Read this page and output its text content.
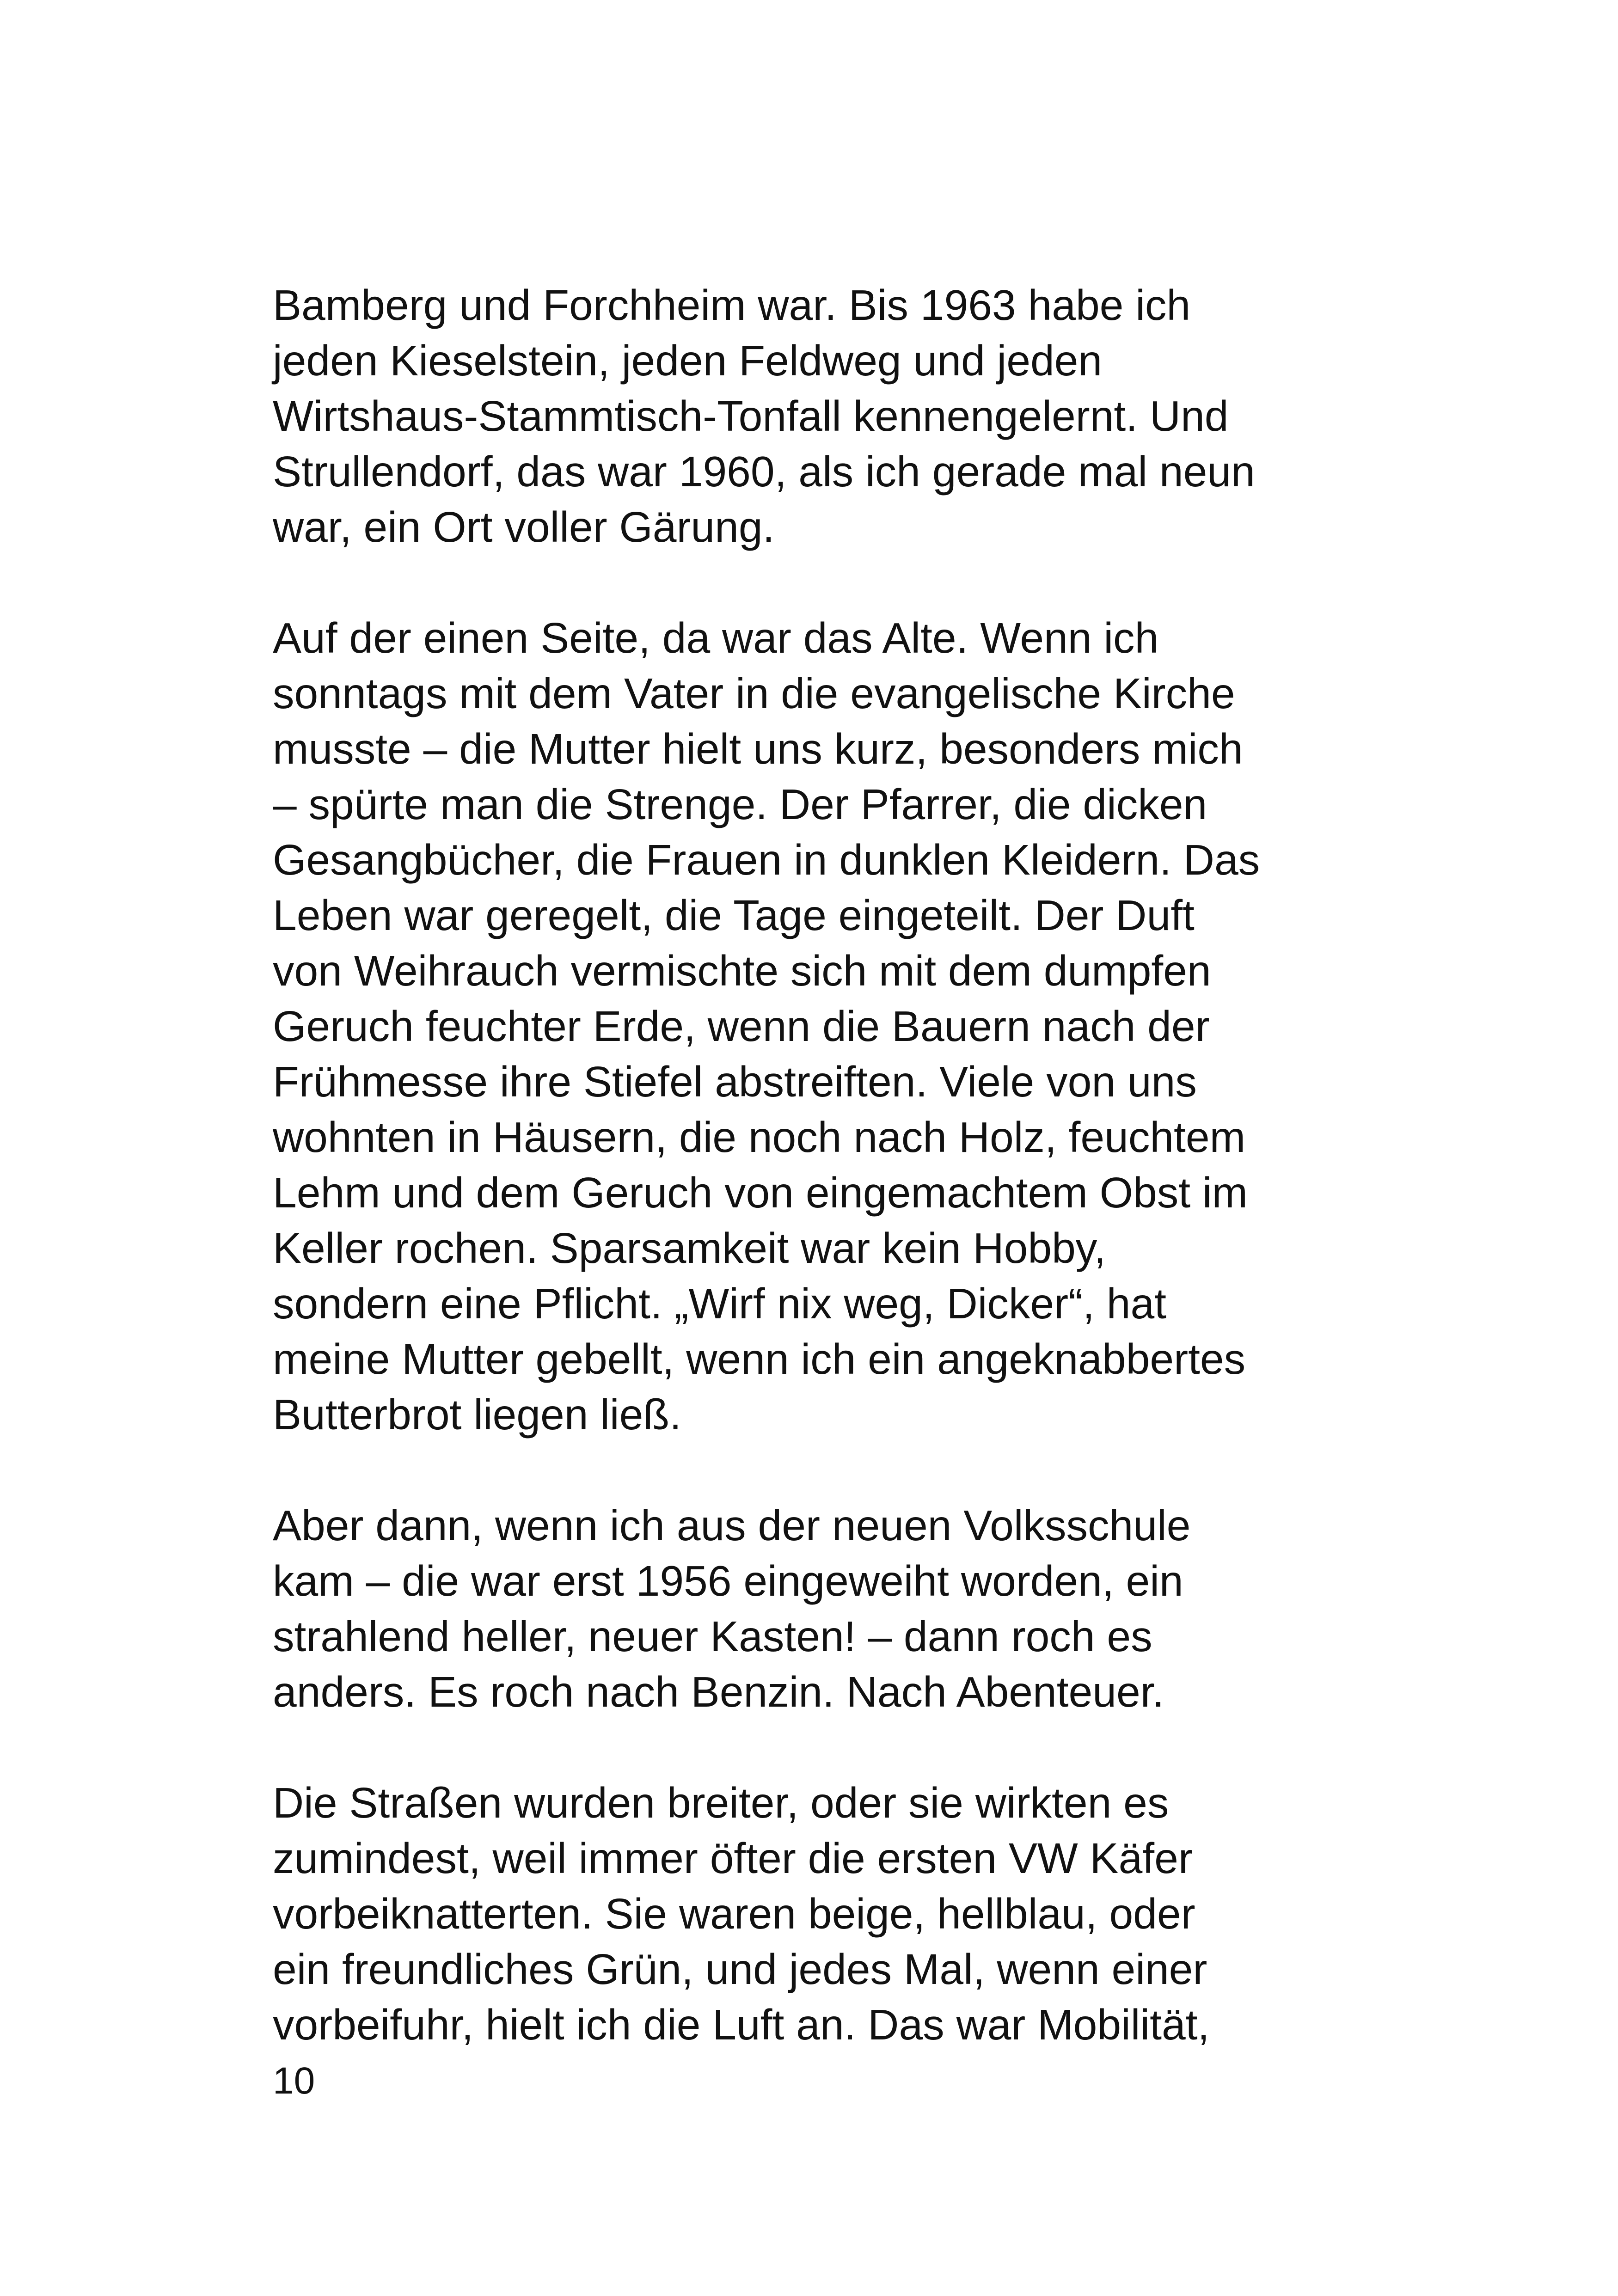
Bamberg und Forchheim war. Bis 1963 habe ich
jeden Kieselstein, jeden Feldweg und jeden
Wirtshaus-Stammtisch-Tonfall kennengelernt. Und
Strullendorf, das war 1960, als ich gerade mal neun
war, ein Ort voller Gärung.

Auf der einen Seite, da war das Alte. Wenn ich
sonntags mit dem Vater in die evangelische Kirche
musste – die Mutter hielt uns kurz, besonders mich
– spürte man die Strenge. Der Pfarrer, die dicken
Gesangbücher, die Frauen in dunklen Kleidern. Das
Leben war geregelt, die Tage eingeteilt. Der Duft
von Weihrauch vermischte sich mit dem dumpfen
Geruch feuchter Erde, wenn die Bauern nach der
Frühmesse ihre Stiefel abstreiften. Viele von uns
wohnten in Häusern, die noch nach Holz, feuchtem
Lehm und dem Geruch von eingemachtem Obst im
Keller rochen. Sparsamkeit war kein Hobby,
sondern eine Pflicht. „Wirf nix weg, Dicker“, hat
meine Mutter gebellt, wenn ich ein angeknabbertes
Butterbrot liegen ließ.

Aber dann, wenn ich aus der neuen Volksschule
kam – die war erst 1956 eingeweiht worden, ein
strahlend heller, neuer Kasten! – dann roch es
anders. Es roch nach Benzin. Nach Abenteuer.

Die Straßen wurden breiter, oder sie wirkten es
zumindest, weil immer öfter die ersten VW Käfer
vorbeiknatterten. Sie waren beige, hellblau, oder
ein freundliches Grün, und jedes Mal, wenn einer
vorbeifuhr, hielt ich die Luft an. Das war Mobilität,

10
